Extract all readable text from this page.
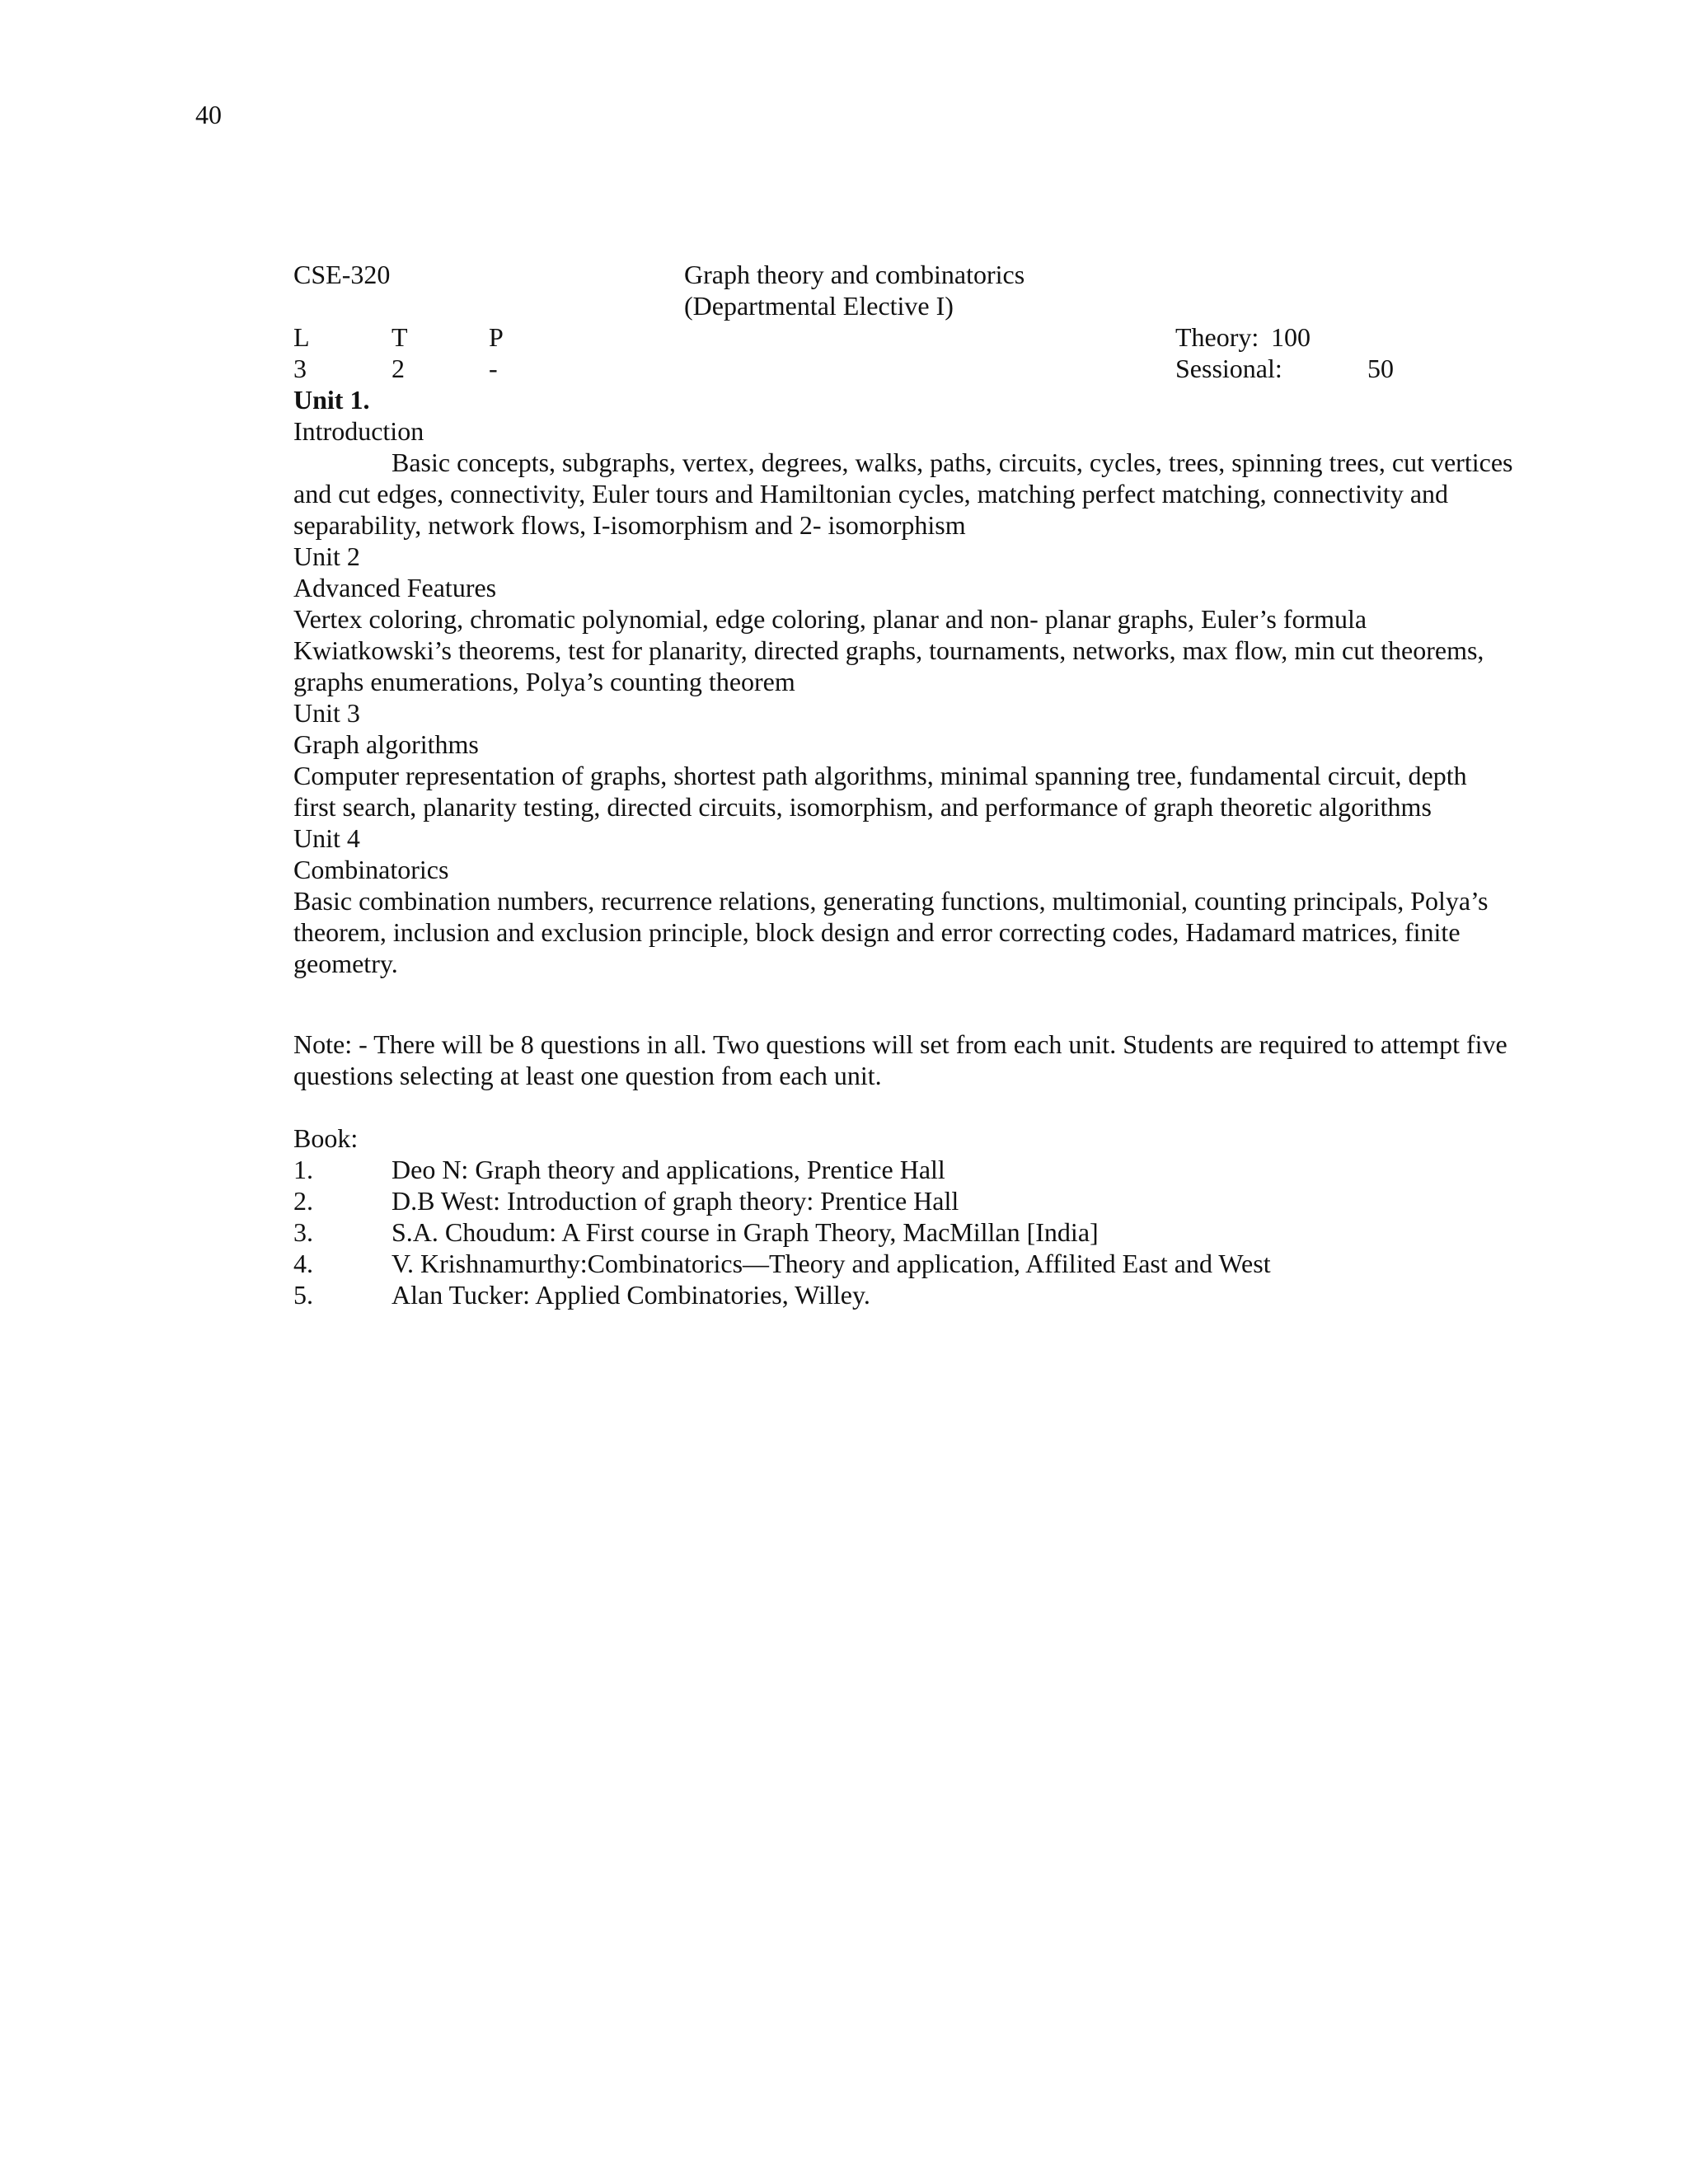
40
CSE-320	Graph theory and combinatorics
(Departmental Elective I)
L	T	P	Theory: 100
3	2	-	Sessional:	50
Unit 1.
Introduction

Basic concepts, subgraphs, vertex, degrees, walks, paths, circuits, cycles, trees, spinning trees, cut vertices and cut edges, connectivity, Euler tours and Hamiltonian cycles, matching perfect matching, connectivity and separability, network flows, I-isomorphism and 2- isomorphism

Unit 2
Advanced Features

Vertex coloring, chromatic polynomial, edge coloring, planar and non- planar graphs, Euler’s formula Kwiatkowski’s theorems, test for planarity, directed graphs, tournaments, networks, max flow, min cut theorems, graphs enumerations, Polya’s counting theorem

Unit 3
Graph algorithms

Computer representation of graphs, shortest path algorithms, minimal spanning tree, fundamental circuit, depth first search, planarity testing, directed circuits, isomorphism, and performance of graph theoretic algorithms

Unit 4
Combinatorics

Basic combination numbers, recurrence relations, generating functions, multimonial, counting principals, Polya’s theorem, inclusion and exclusion principle, block design and error correcting codes, Hadamard matrices, finite geometry.

Note: - There will be 8 questions in all. Two questions will set from each unit. Students are required to attempt five questions selecting at least one question from each unit.

Book:
1.	Deo N: Graph theory and applications, Prentice Hall
2.	D.B West: Introduction of graph theory: Prentice Hall
3.	S.A. Choudum: A First course in Graph Theory, MacMillan [India]
4.	V. Krishnamurthy:Combinatorics—Theory and application, Affilited East and West
5.	Alan Tucker: Applied Combinatories, Willey.
